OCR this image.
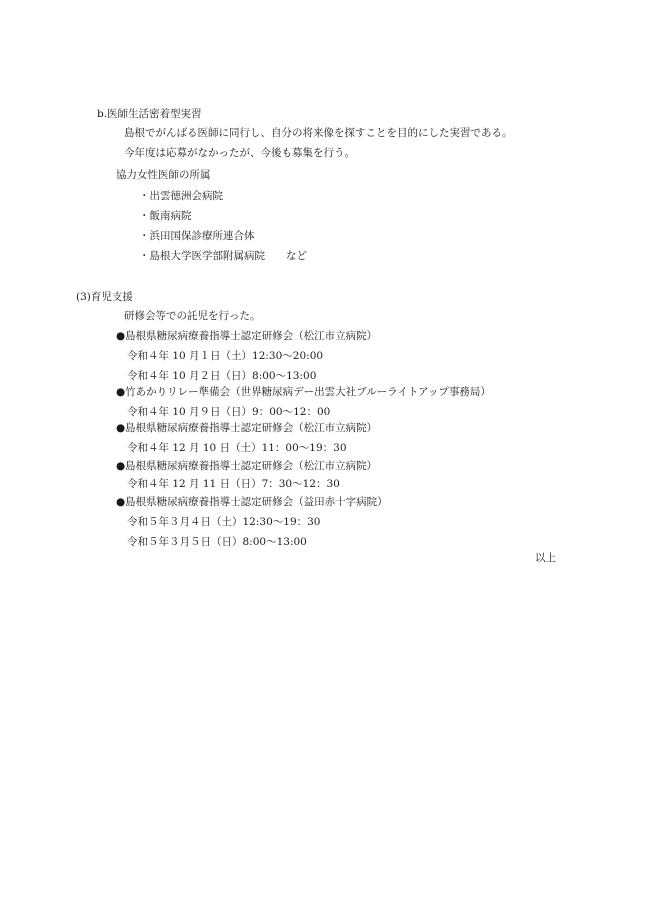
b.医師生活密着型実習
島根でがんばる医師に同行し、自分の将来像を探すことを目的にした実習である。
今年度は応募がなかったが、今後も募集を行う。
協力女性医師の所属
・出雲徳洲会病院
・飯南病院
・浜田国保診療所連合体
・島根大学医学部附属病院　　など
(3)育児支援
研修会等での託児を行った。
●島根県糖尿病療養指導士認定研修会（松江市立病院）
令和４年 10 月１日（土）12:30～20:00
令和４年 10 月２日（日）8:00～13:00
●竹あかりリレー準備会（世界糖尿病デー出雲大社ブルーライトアップ事務局）
令和４年 10 月９日（日）9：00～12：00
●島根県糖尿病療養指導士認定研修会（松江市立病院）
令和４年 12 月 10 日（土）11：00～19：30
●島根県糖尿病療養指導士認定研修会（松江市立病院）
令和４年 12 月 11 日（日）7：30～12：30
●島根県糖尿病療養指導士認定研修会（益田赤十字病院）
令和５年３月４日（土）12:30～19：30
令和５年３月５日（日）8:00～13:00
以上
